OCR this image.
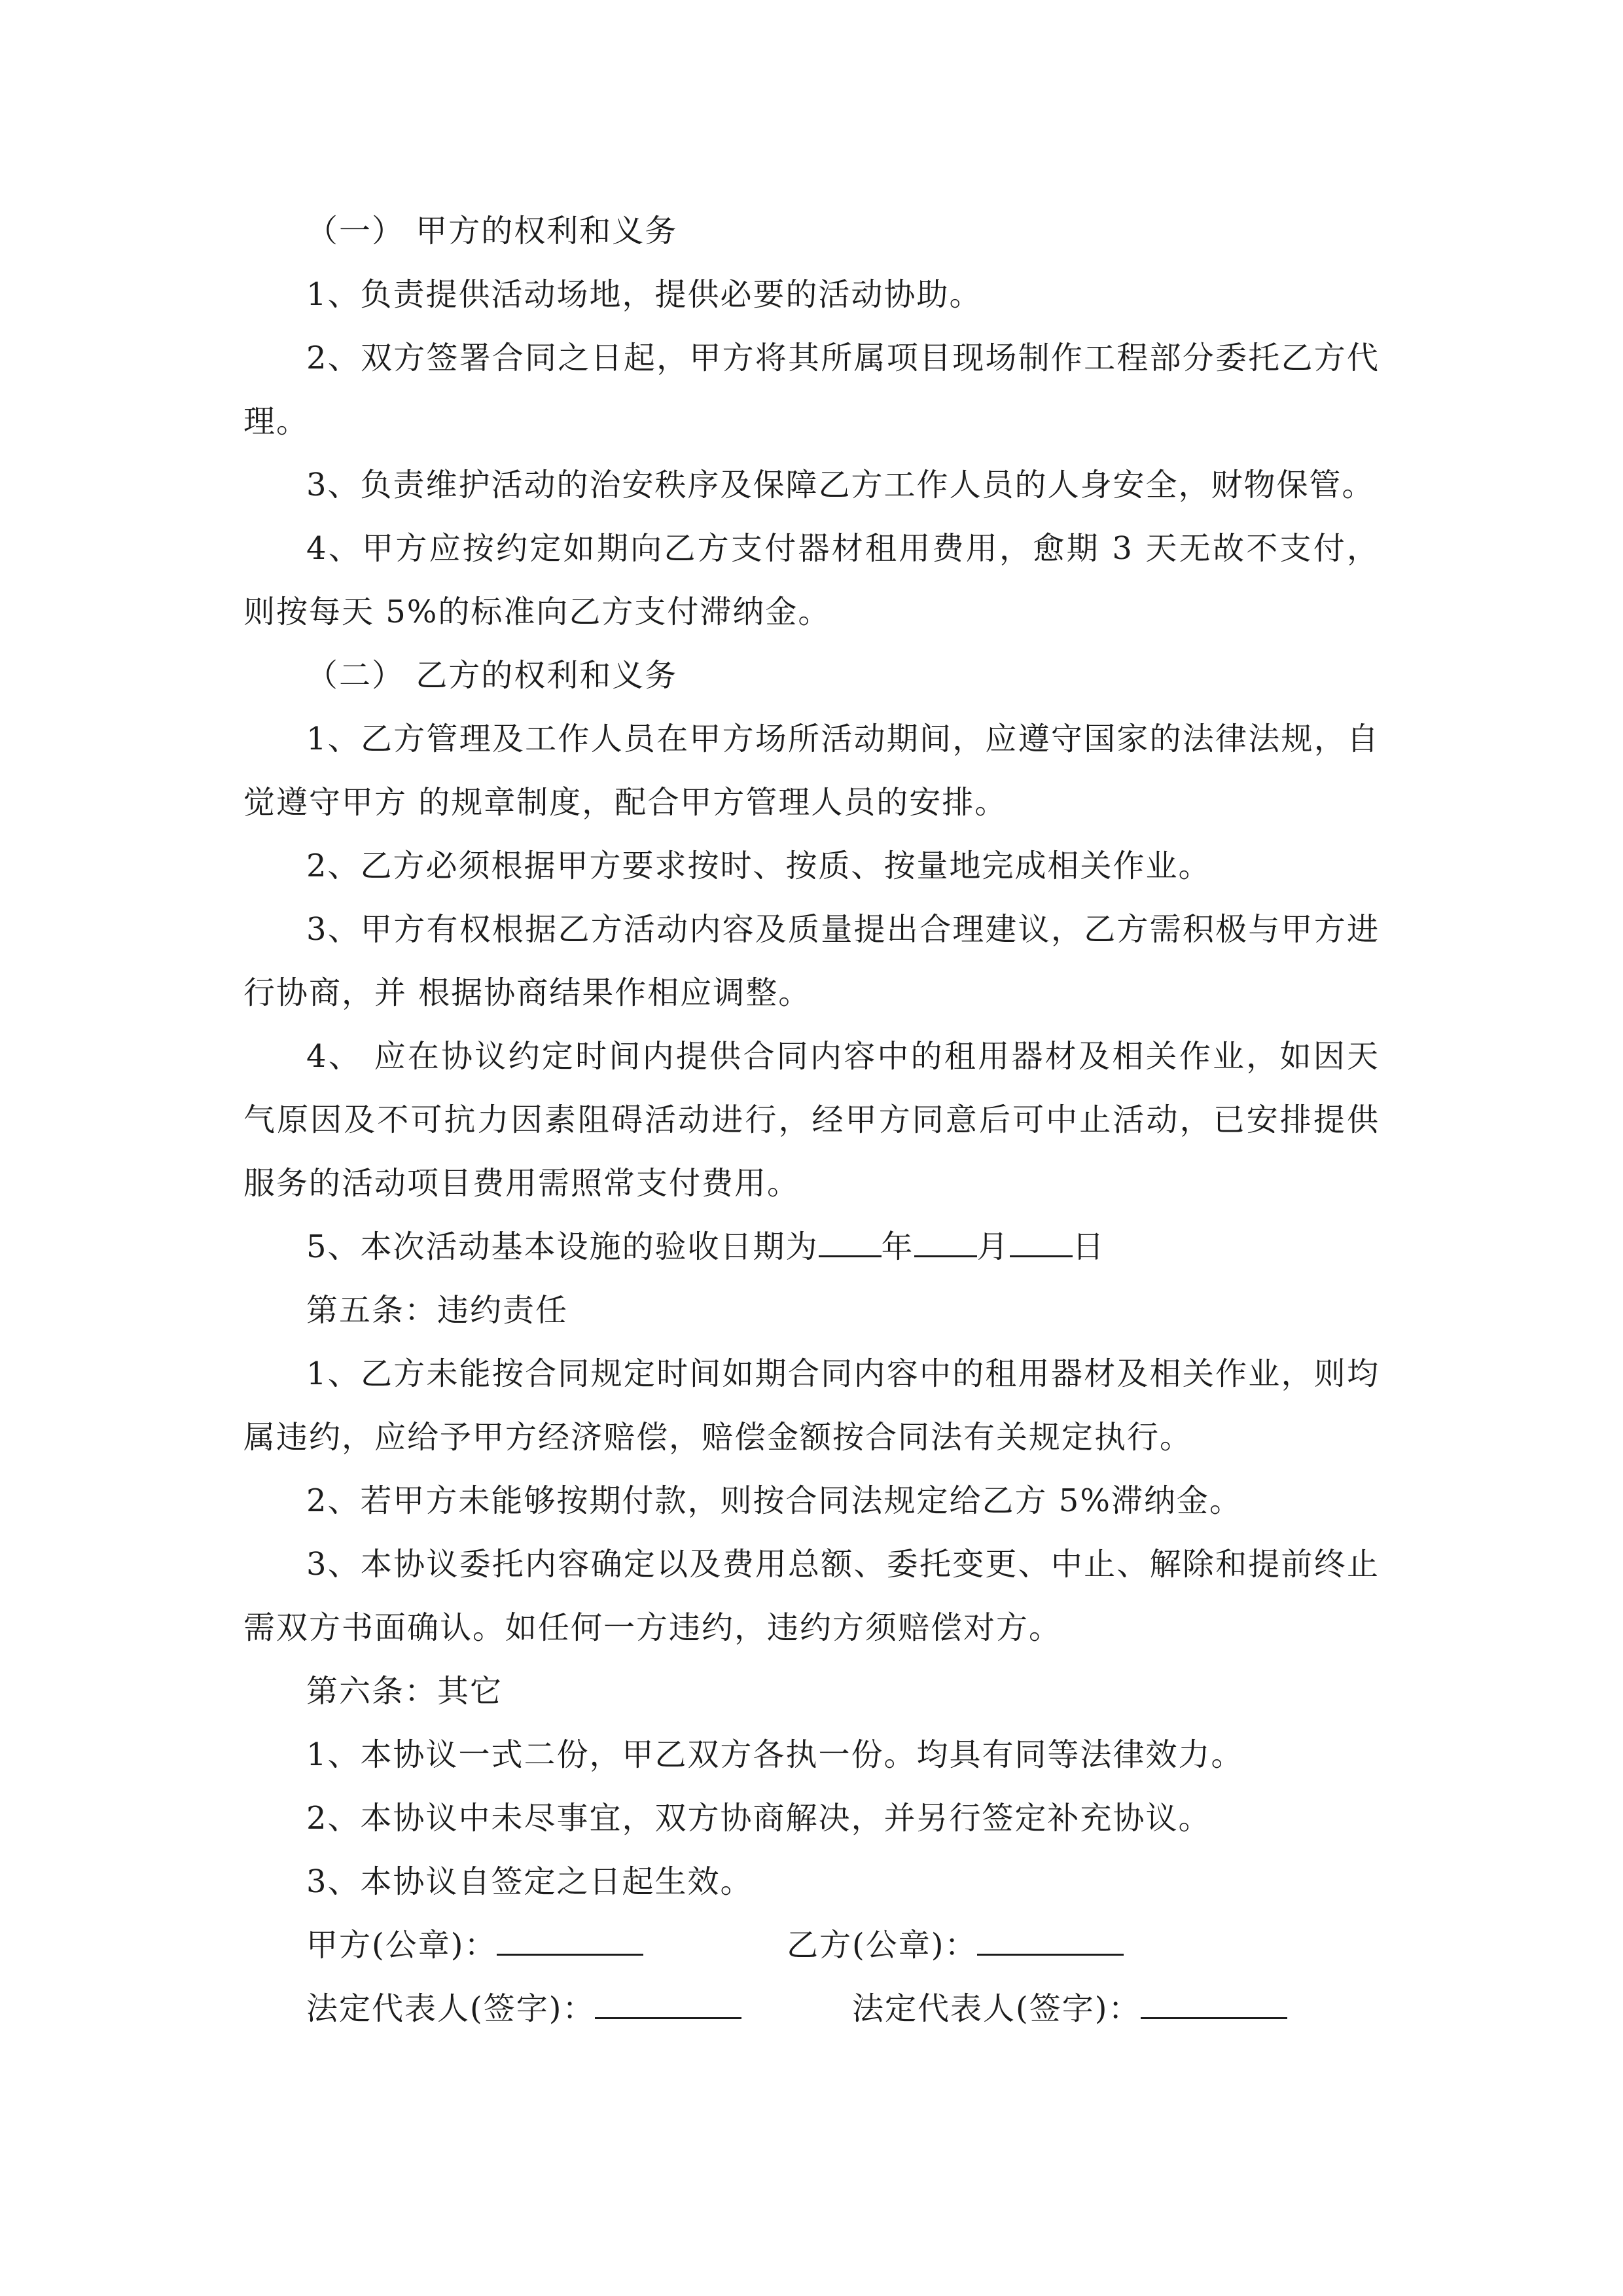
（一） 甲方的权利和义务

1、负责提供活动场地，提供必要的活动协助。

2、双方签署合同之日起，甲方将其所属项目现场制作工程部分委托乙方代理。

3、负责维护活动的治安秩序及保障乙方工作人员的人身安全，财物保管。

4、甲方应按约定如期向乙方支付器材租用费用，愈期 3 天无故不支付，则按每天 5%的标准向乙方支付滞纳金。

（二） 乙方的权利和义务

1、乙方管理及工作人员在甲方场所活动期间，应遵守国家的法律法规，自觉遵守甲方 的规章制度，配合甲方管理人员的安排。

2、乙方必须根据甲方要求按时、按质、按量地完成相关作业。

3、甲方有权根据乙方活动内容及质量提出合理建议，乙方需积极与甲方进行协商，并 根据协商结果作相应调整。

4、 应在协议约定时间内提供合同内容中的租用器材及相关作业，如因天气原因及不可抗力因素阻碍活动进行，经甲方同意后可中止活动，已安排提供服务的活动项目费用需照常支付费用。

5、本次活动基本设施的验收日期为 年 月 日

第五条：违约责任

1、乙方未能按合同规定时间如期合同内容中的租用器材及相关作业，则均属违约，应给予甲方经济赔偿，赔偿金额按合同法有关规定执行。

2、若甲方未能够按期付款，则按合同法规定给乙方 5%滞纳金。

3、本协议委托内容确定以及费用总额、委托变更、中止、解除和提前终止需双方书面确认。如任何一方违约，违约方须赔偿对方。

第六条：其它

1、本协议一式二份，甲乙双方各执一份。均具有同等法律效力。

2、本协议中未尽事宜，双方协商解决，并另行签定补充协议。

3、本协议自签定之日起生效。

甲方(公章)：	乙方(公章)：
法定代表人(签字)：	法定代表人(签字)：
